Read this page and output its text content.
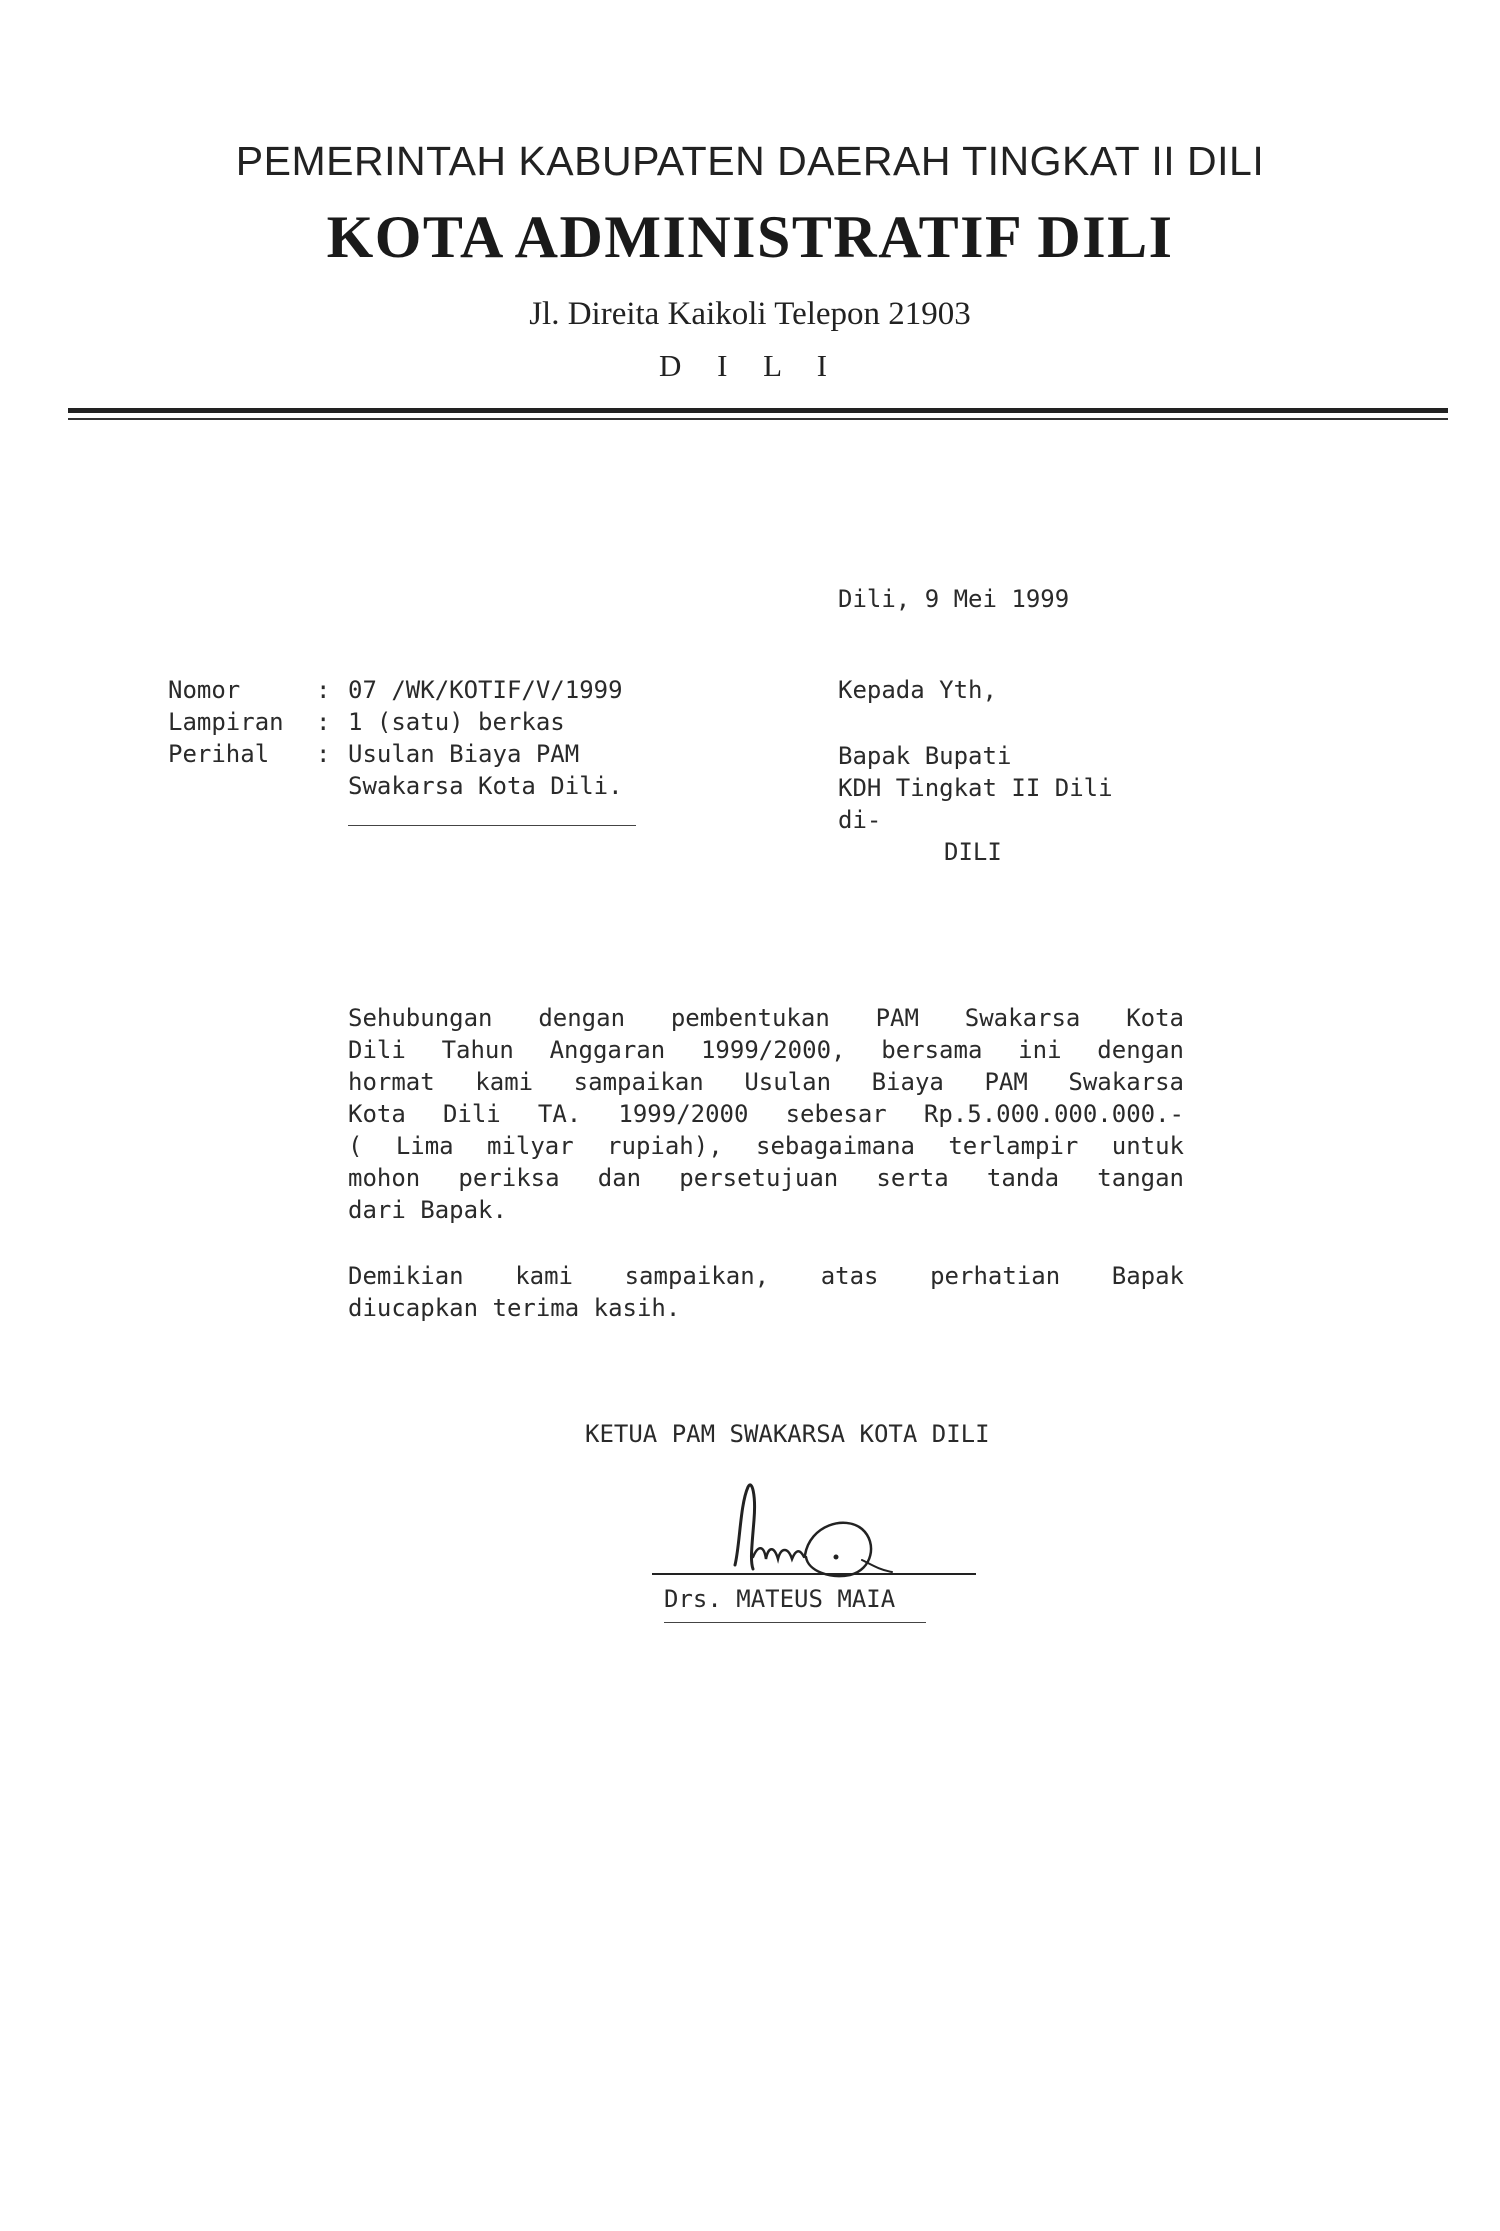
PEMERINTAH KABUPATEN DAERAH TINGKAT II DILI
KOTA ADMINISTRATIF DILI
Jl. Direita Kaikoli Telepon 21903
D I L I
Dili, 9 Mei 1999
Nomor	: 07 /WK/KOTIF/V/1999
Lampiran : 1 (satu) berkas
Perihal : Usulan Biaya PAM
Swakarsa Kota Dili.
Kepada Yth,
Bapak Bupati
KDH Tingkat II Dili
di-
DILI
Sehubungan dengan pembentukan PAM Swakarsa Kota
Dili Tahun Anggaran 1999/2000, bersama ini dengan
hormat kami sampaikan Usulan Biaya PAM Swakarsa
Kota Dili TA. 1999/2000 sebesar Rp.5.000.000.000.-
( Lima milyar rupiah), sebagaimana terlampir untuk
mohon periksa dan persetujuan serta tanda tangan
dari Bapak.
Demikian kami sampaikan, atas perhatian Bapak
diucapkan terima kasih.
KETUA PAM SWAKARSA KOTA DILI
Drs. MATEUS MAIA
